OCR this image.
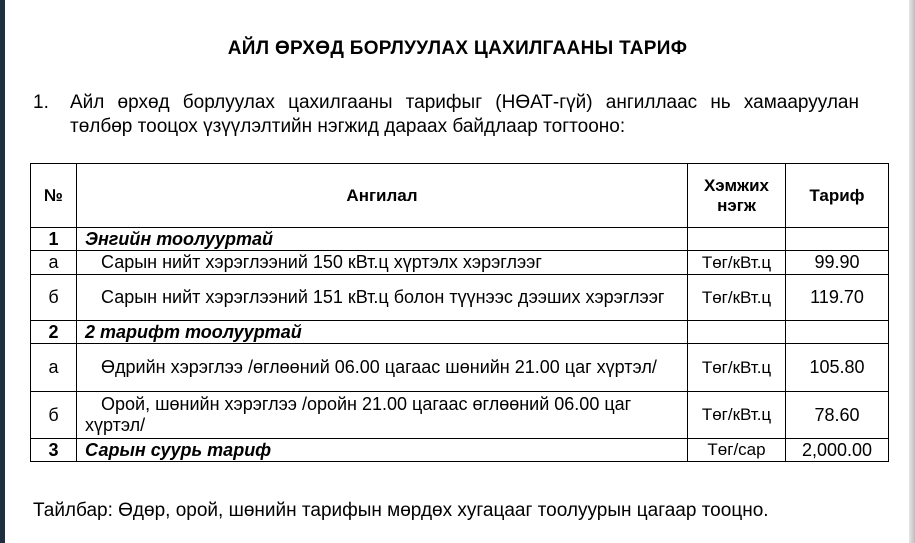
АЙЛ ӨРХӨД БОРЛУУЛАХ ЦАХИЛГААНЫ ТАРИФ
1. Айл өрхөд борлуулах цахилгааны тарифыг (НӨАТ-гүй) ангиллаас нь хамааруулан төлбөр тооцох үзүүлэлтийн нэгжид дараах байдлаар тогтооно:
№	Ангилал	Хэмжих нэгж	Тариф
1	Энгийн тоолууртай		
а	Сарын нийт хэрэглээний 150 кВт.ц хүртэлх хэрэглээг	Төг/кВт.ц	99.90
б	Сарын нийт хэрэглээний 151 кВт.ц болон түүнээс дээших хэрэглээг	Төг/кВт.ц	119.70
2	2 тарифт тоолууртай		
а	Өдрийн хэрэглээ /өглөөний 06.00 цагаас шөнийн 21.00 цаг хүртэл/	Төг/кВт.ц	105.80
б	Орой, шөнийн хэрэглээ /оройн 21.00 цагаас өглөөний 06.00 цаг хүртэл/	Төг/кВт.ц	78.60
3	Сарын суурь тариф	Төг/сар	2,000.00
Тайлбар: Өдөр, орой, шөнийн тарифын мөрдөх хугацааг тоолуурын цагаар тооцно.
